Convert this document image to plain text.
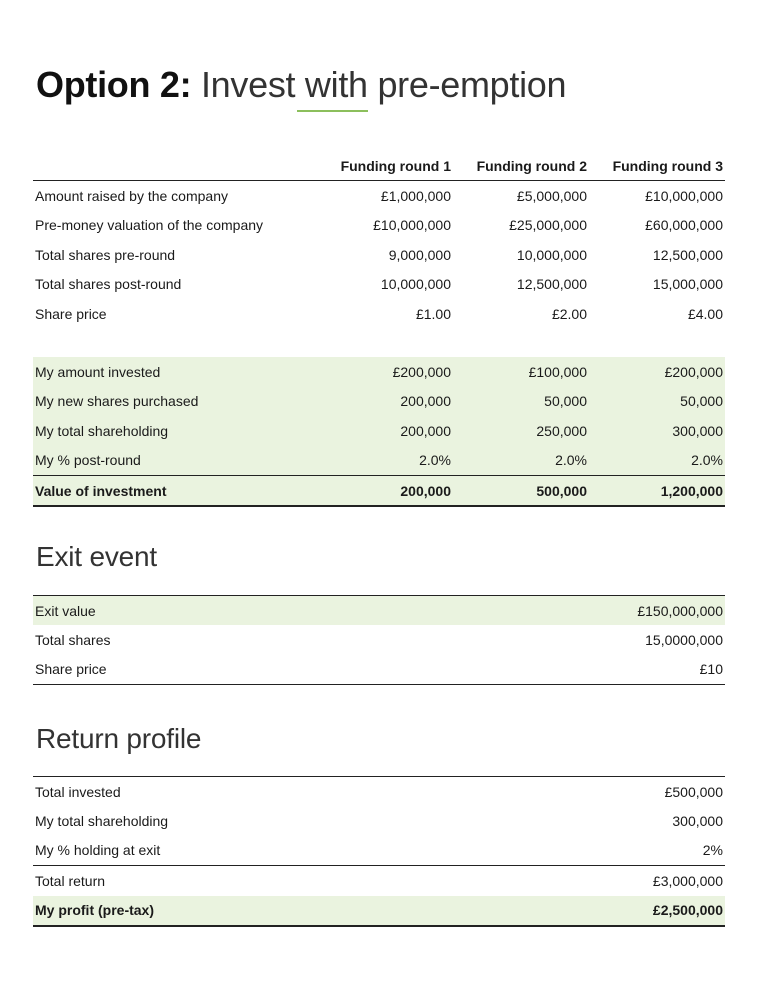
Option 2: Invest with pre-emption
	Funding round 1	Funding round 2	Funding round 3
Amount raised by the company	£1,000,000	£5,000,000	£10,000,000
Pre-money valuation of the company	£10,000,000	£25,000,000	£60,000,000
Total shares pre-round	9,000,000	10,000,000	12,500,000
Total shares post-round	10,000,000	12,500,000	15,000,000
Share price	£1.00	£2.00	£4.00

My amount invested	£200,000	£100,000	£200,000
My new shares purchased	200,000	50,000	50,000
My total shareholding	200,000	250,000	300,000
My % post-round	2.0%	2.0%	2.0%
Value of investment	200,000	500,000	1,200,000
Exit event
Exit value	£150,000,000
Total shares	15,0000,000
Share price	£10
Return profile
Total invested	£500,000
My total shareholding	300,000
My % holding at exit	2%
Total return	£3,000,000
My profit (pre-tax)	£2,500,000
